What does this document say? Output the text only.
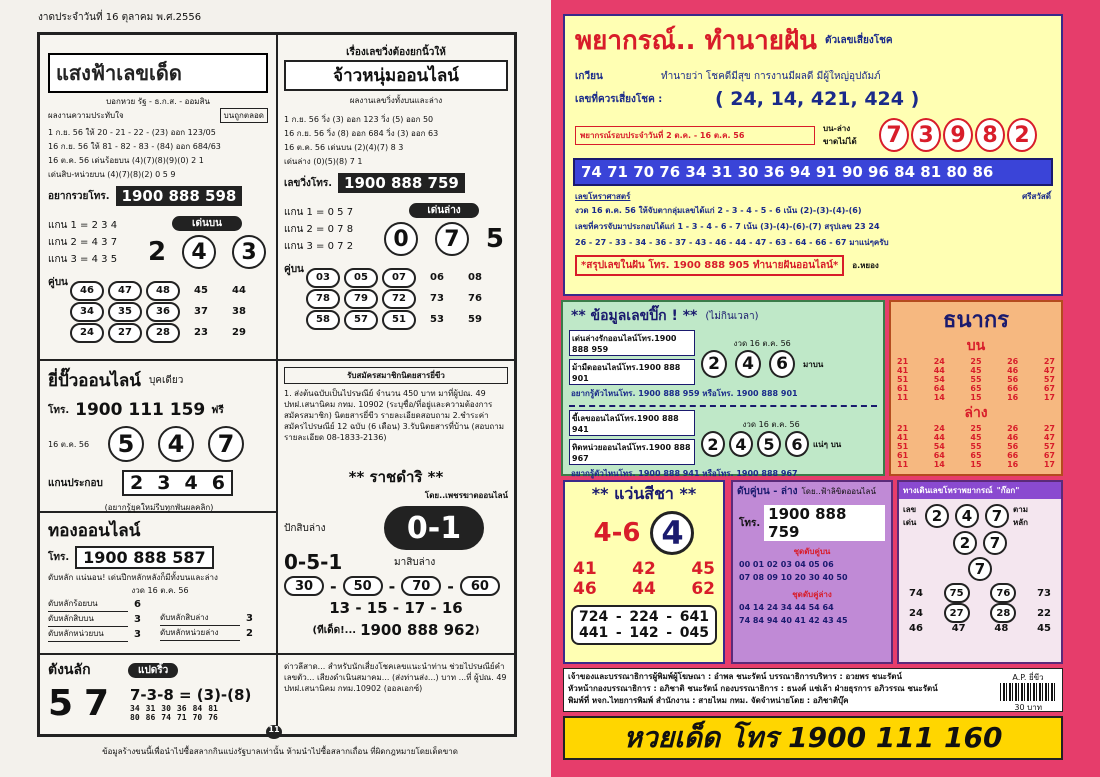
งาดประจำวันที่ 16 ตุลาคม พ.ศ.2556
แสงฟ้าเลขเด็ด
บอกหวย รัฐ - ธ.ก.ส. - ออมสิน
ผลงานความประทับใจ	บนถูกตลอด
1 ก.ย. 56 ให้ 20 - 21 - 22 - (23) ออก 123/05
16 ก.ย. 56 ให้ 81 - 82 - 83 - (84) ออก 684/63
16 ต.ค. 56 เด่นร้อยบน (4)(7)(8)(9)(0) 2 1
เด่นสิบ-หน่วยบน (4)(7)(8)(2) 0 5 9
อยากรวยโทร. 1900 888 598
แกน 1 = 2 3 4
แกน 2 = 4 3 7
แกน 3 = 4 3 5
เด่นบน
2	4	3
คู่บน
46	47	48	45	44
34	35	36	37	38
24	27	28	23	29
เรื่องเลขวิ่งต้องยกนิ้วให้
จ้าวหนุ่มออนไลน์
ผลงานเลขวิ่งทั้งบนและล่าง
1 ก.ย. 56 วิ่ง (3) ออก 123 วิ่ง (5) ออก 50
16 ก.ย. 56 วิ่ง (8) ออก 684 วิ่ง (3) ออก 63
16 ต.ค. 56 เด่นบน (2)(4)(7) 8 3
เด่นล่าง (0)(5)(8) 7 1
เลขวิ่งโทร. 1900 888 759
แกน 1 = 0 5 7
แกน 2 = 0 7 8
แกน 3 = 0 7 2
เด่นล่าง
0	7	5
คู่บน
03	05	07	06	08
78	79	72	73	76
58	57	51	53	59
ยี่ปั๊วออนไลน์ บุคเดียว
โทร. 1900 111 159 ฟรี
16 ต.ค. 56	5	4	7
แกนประกอบ	2 3 4 6
(อยากรู้ยุคใหม่รีบทุกพันผลคลิก)
รับสมัครสมาชิกนิตยสารยี่ขีว
1. ส่งต้นฉบับเป็นไปรษณีย์ จำนวน 450 บาท มาที่ผู้ปณ. 49 ปทฝ.เสนานิคม กทม. 10902 (ระบุชื่อ/ที่อยู่และความต้องการสมัครสมาชิก) นิตยสารยี่ขีว รายละเอียดสอบถาม 2.ชำระค่าสมัครไปรษณีย์ 12 ฉบับ (6 เดือน) 3.รับนิตยสารที่บ้าน (สอบถามรายละเอียด 08-1833-2136)
ทองออนไลน์
โทร. 1900 888 587
ดับหลัก แน่นอน! เด่นปีกหลักหลังก็มีทั้งบนและล่าง
งวด 16 ต.ค. 56
ดับหลักร้อยบน	6
ดับหลักสิบบน	3
ดับหลักหน่วยบน	3
ดับหลักสิบล่าง	3
ดับหลักหน่วยล่าง	2
** ราชดำริ **
โดย..เพชรฆาตออนไลน์
ปักสิบล่าง	0-1
0-5-1	มาสิบล่าง
30	-	50	-	70	-	60
13 - 15 - 17 - 16
(ทีเด็ด!... 1900 888 962 )
ตังนลัก	แปดริ้ว
5 7	7-3-8 = (3)-(8)
34 31 30 36 84 81
80 86 74 71 70 76
ด่าวลีสาด... สำหรับนักเสี่ยงโชคเลขแนะนำท่าน ช่วยไปรษณีย์คำเลขตัว... เสียงดำเนินสมาคม... (ส่งท่านส่ง...) บาท ...ที่ ผู้ปณ. 49 ปทฝ.เสนานิคม กทม.10902 (ออลเอกซ์)
11
ข้อมูลร้างขนนี้เพื่อนำไปซื้อสลากกินแบ่งรัฐบาลเท่านั้น ห้ามนำไปซื้อสลากเถื่อน ที่ผิดกฎหมายโดยเด็ดขาด
พยากรณ์.. ทำนายฝัน ตัวเลขเสี่ยงโชค
เกวียน	ทำนายว่า โชคดีมีสุข การงานมีผลดี มีผู้ใหญ่อุปถัมภ์
เลขที่ควรเสี่ยงโชค :	( 24, 14, 421, 424 )
พยากรณ์รอบประจำวันที่ 2 ต.ค. - 16 ต.ค. 56
บน-ล่าง
ขาดไม่ได้	7 3 9 8 2
74 71 70 76 34 31 30 36 94 91 90 96 84 81 80 86
เลขโหราศาสตร์	ศรีสวัสดิ์
งวด 16 ต.ค. 56 ให้จับตากลุ่มเลขได้แก่ 2 - 3 - 4 - 5 - 6 เน้น (2)-(3)-(4)-(6)
เลขที่ควรจับมาประกอบได้แก่ 1 - 3 - 4 - 6 - 7 เน้น (3)-(4)-(6)-(7) สรุปเลข 23 24
26 - 27 - 33 - 34 - 36 - 37 - 43 - 46 - 44 - 47 - 63 - 64 - 66 - 67 มาแน่ๆครับ
*สรุปเลขในฝัน โทร. 1900 888 905 ทำนายฝันออนไลน์*	อ.หยอง
** ข้อมูลเลขปิ๊ก ! ** (ไม่กินเวลา)
เด่นล่างรักออนไลน์โทร.1900 888 959
ม้ามืดออนไลน์โทร.1900 888 901
งวด 16 ต.ค. 56
2	4	6	มาบน
อยากรู้ตัวไหนโทร. 1900 888 959 หรือโทร. 1900 888 901
ขี้เลขออนไลน์โทร.1900 888 941
ทิดหน่วยออนไลน์โทร.1900 888 967
งวด 16 ต.ค. 56
2	4	5	6	แน่ๆ บน
อยากรู้ตัวไหนโทร. 1900 888 941 หรือโทร. 1900 888 967
ธนากร
บน
21	24	25	26	27
41	44	45	46	47
51	54	55	56	57
61	64	65	66	67
11	14	15	16	17
ล่าง
21	24	25	26	27
41	44	45	46	47
51	54	55	56	57
61	64	65	66	67
11	14	15	16	17
** แว่นสีชา **
4-6 4
41 42 45
46 44 62
724 - 224 - 641
441 - 142 - 045
ดับคู่บน - ล่าง โดย..ฟ้าลิขิตออนไลน์
โทร. 1900 888 759
ชุดดับคู่บน
00 01 02 03 04 05 06
07 08 09 10 20 30 40 50
ชุดดับคู่ล่าง
04 14 24 34 44 54 64
74 84 94 40 41 42 43 45
ทางเดินเลขโหราพยากรณ์ "ก๊อก"
เลข
เด่น	2	4	7	ตาม
หลัก
2	7
7
74	75	76	73
24	27	28	22
46	47	48	45
เจ้าของและบรรณาธิการผู้พิมพ์ผู้โฆษณา : อำพล ชนะรัตน์ บรรณาธิการบริหาร : อวยพร ชนะรัตน์
หัวหน้ากองบรรณาธิการ : อภิชาติ ชนะรัตน์ กองบรรณาธิการ : ธนงค์ แซ่เล้า ฝ่ายธุรการ อภิวรรณ ชนะรัตน์
พิมพ์ที่ หจก.ไทยการพิมพ์ สำนักงาน : สายไหม กทม. จัดจำหน่ายโดย : อภิชาติบุ๊ค
A.P. ยี่ขีว
30 บาท
หวยเด็ด โทร 1900 111 160
